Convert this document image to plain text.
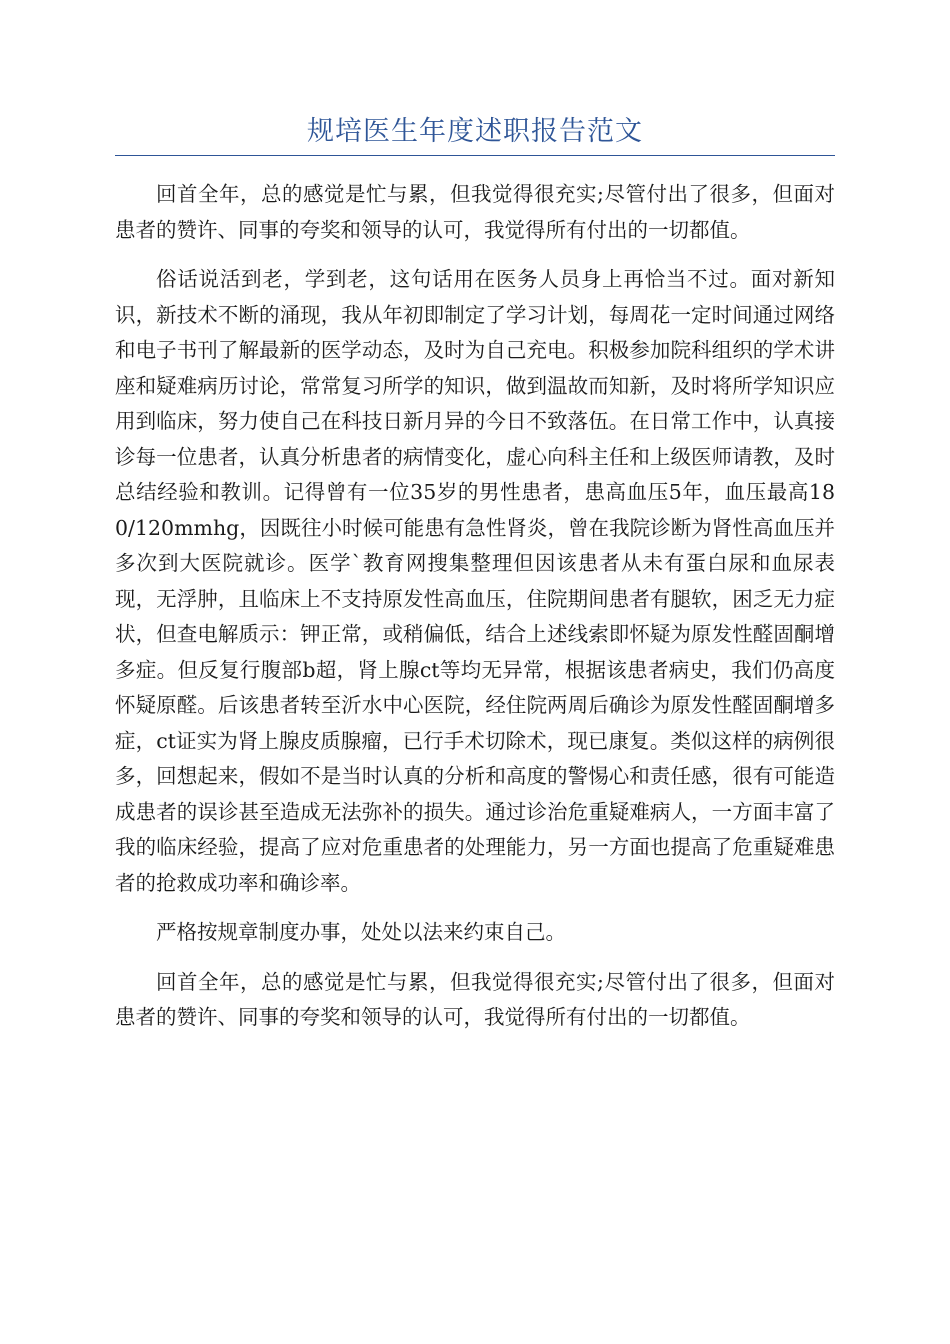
规培医生年度述职报告范文

回首全年，总的感觉是忙与累，但我觉得很充实;尽管付出了很多，但面对患者的赞许、同事的夸奖和领导的认可，我觉得所有付出的一切都值。

俗话说活到老，学到老，这句话用在医务人员身上再恰当不过。面对新知识，新技术不断的涌现，我从年初即制定了学习计划，每周花一定时间通过网络和电子书刊了解最新的医学动态，及时为自己充电。积极参加院科组织的学术讲座和疑难病历讨论，常常复习所学的知识，做到温故而知新，及时将所学知识应用到临床，努力使自己在科技日新月异的今日不致落伍。在日常工作中，认真接诊每一位患者，认真分析患者的病情变化，虚心向科主任和上级医师请教，及时总结经验和教训。记得曾有一位35岁的男性患者，患高血压5年，血压最高180/120mmhg，因既往小时候可能患有急性肾炎，曾在我院诊断为肾性高血压并多次到大医院就诊。医学`教育网搜集整理但因该患者从未有蛋白尿和血尿表现，无浮肿，且临床上不支持原发性高血压，住院期间患者有腿软，困乏无力症状，但查电解质示：钾正常，或稍偏低，结合上述线索即怀疑为原发性醛固酮增多症。但反复行腹部b超，肾上腺ct等均无异常，根据该患者病史，我们仍高度怀疑原醛。后该患者转至沂水中心医院，经住院两周后确诊为原发性醛固酮增多症，ct证实为肾上腺皮质腺瘤，已行手术切除术，现已康复。类似这样的病例很多，回想起来，假如不是当时认真的分析和高度的警惕心和责任感，很有可能造成患者的误诊甚至造成无法弥补的损失。通过诊治危重疑难病人，一方面丰富了我的临床经验，提高了应对危重患者的处理能力，另一方面也提高了危重疑难患者的抢救成功率和确诊率。

严格按规章制度办事，处处以法来约束自己。

回首全年，总的感觉是忙与累，但我觉得很充实;尽管付出了很多，但面对患者的赞许、同事的夸奖和领导的认可，我觉得所有付出的一切都值。
